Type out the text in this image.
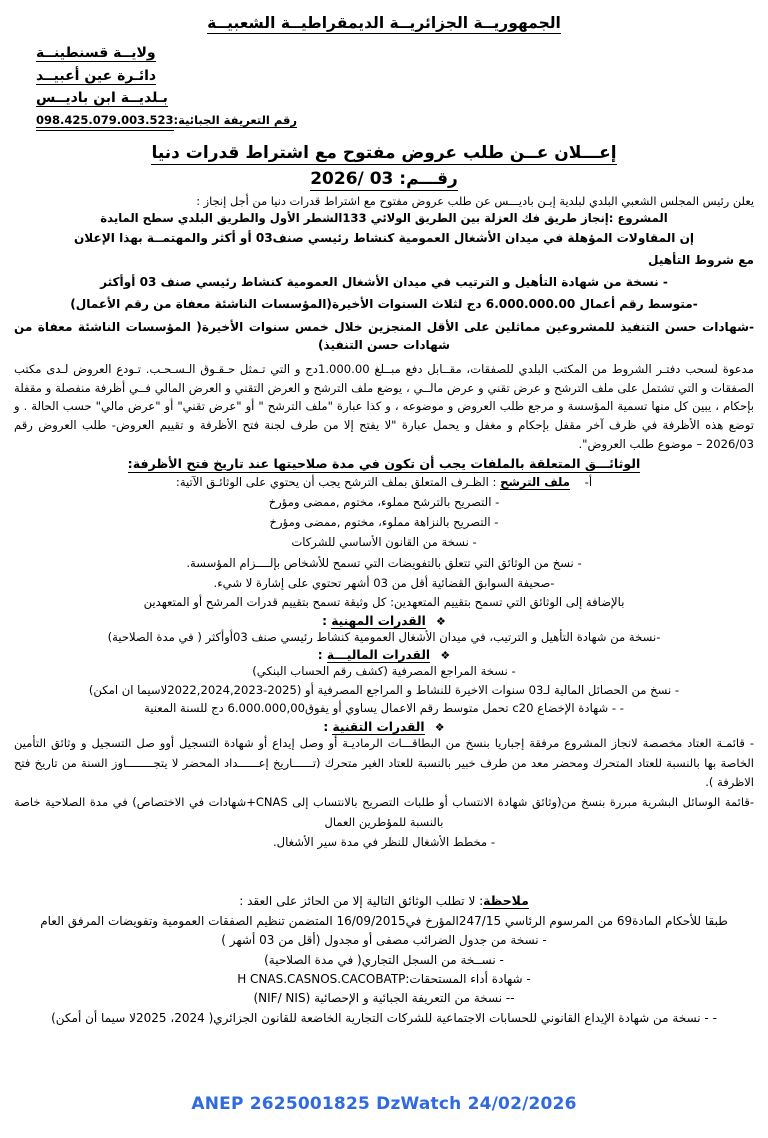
الجمهوريــة الجزائريــة الديمقراطيــة الشعبيــة
ولايــة قسنطينــة
دائـرة عين أعبيــد
بـلديــة ابن باديــس
رقم التعريفة الجبائية:098.425.079.003.523
إعـــلان عــن طلب عروض مفتوح مع اشتراط قدرات دنيا
رقـــم: 03 /2026
يعلن رئيس المجلس الشعبي البلدي لبلدية إبـن باديـــس عن طلب عروض مفتوح مع اشتراط قدرات دنيا من أجل إنجاز :
المشروع :إنجاز طريق فك العزلة بين الطريق الولائي 133الشطر الأول والطريق البلدي سطح المايدة
إن المقاولات المؤهلة في ميدان الأشغال العمومية كنشاط رئيسي صنف03 أو أكثر والمهتمــة بهذا الإعلان
مع شروط التأهيل
- نسخة من شهادة التأهيل و الترتيب في ميدان الأشغال العمومية كنشاط رئيسي صنف 03 أوأكثر
-متوسط رقم أعمال 6.000.000.00 دج لثلاث السنوات الأخيرة(المؤسسات الناشئة معفاة من رقم الأعمال)
-شهادات حسن التنفيذ للمشروعين مماثلين على الأقل المنجزين خلال خمس سنوات الأخيرة( المؤسسات الناشئة معفاة من شهادات حسن التنفيذ)
مدعوة لسحب دفتـر الشروط من المكتب البلدي للصفقات، مقــابل دفع مبــلغ 1.000.00دج و التي تـمثل حـقـوق الـسـحـب. تـودع العروض لـدى مكتب الصفقات و التي تشتمل على ملف الترشح و عرض تقني و عرض مالــي ، يوضع ملف الترشح و العرض التقني و العرض المالي فــي أظرفة منفصلة و مقفلة بإحكام ، يبين كل منها تسمية المؤسسة و مرجع طلب العروض و موضوعه ، و كذا عبارة "ملف الترشح " أو "عرض تقني" أو "عرض مالي" حسب الحالة . و توضع هذه الأظرفة في ظرف آخر مقفل بإحكام و مغفل و يحمل عبارة "لا يفتح إلا من طرف لجنة فتح الأظرفة و تقييم العروض- طلب العروض رقم 2026/03 – موضوع طلب العروض".
الوثائـــق المتعلقة بالملفات يجب أن تكون في مدة صلاحيتها عند تاريخ فتح الأظرفة:
أ-    ملف الترشح : الظـرف المتعلق بملف الترشح يجب أن يحتوي على الوثائـق الآتية:
- التصريح بالترشح مملوء، مختوم ,ممضى ومؤرخ
- التصريح بالنزاهة مملوء، مختوم ,ممضى ومؤرخ
- نسخة من القانون الأساسي للشركات
- نسخ من الوثائق التي تتعلق بالتفويضات التي تسمح للأشخاص بإلــــزام المؤسسة.
-صحيفة السوابق القضائية أقل من 03 أشهر تحتوي على إشارة لا شيء.
بالإضافة إلى الوثائق التي تسمح بتقييم المتعهدين: كل وثيقة تسمح بتقييم قدرات المرشح أو المتعهدين
❖ القدرات المهنية :
-نسخة من شهادة التأهيل و الترتيب، في ميدان الأشغال العمومية كنشاط رئيسي صنف 03أوأكثر ( في مدة الصلاحية)
❖ القدرات الماليـــة :
- نسخة المراجع المصرفية (كشف رقم الحساب البنكي)
- نسخ من الحصائل المالية لـ03 سنوات الاخيرة للنشاط و المراجع المصرفية أو (2025-2022,2024,2023لاسيما ان امكن)
- - شهادة الإخضاع c20 تحمل متوسط رقم الاعمال يساوي أو يفوق6.000.000,00 دج للسنة المعنية
❖ القدرات التقنية :
- قائمـة العتاد مخصصة لانجاز المشروع مرفقة إجباريا بنسخ من البطاقـــات الرماديـة أو وصل إيداع أو شهادة التسجيل أوو صل التسجيل و وثائق التأمين الخاصة بها بالنسبة للعتاد المتحرك ومحضر معد من طرف خبير بالنسبة للعتاد الغير متحرك (تــــــاريخ إعــــــداد المحضر لا يتجــــــــاوز السنة من تاريخ فتح الاظرفة ).
-قائمة الوسائل البشرية مبررة بنسخ من(وثائق شهادة الانتساب أو طلبات التصريح بالانتساب إلى CNAS+شهادات في الاختصاص) في مدة الصلاحية خاصة بالنسبة للمؤطرين العمال
- مخطط الأشغال للنظر في مدة سير الأشغال.
ملاحظة: لا تطلب الوثائق التالية إلا من الحائز على العقد :
طبقا للأحكام المادة69 من المرسوم الرئاسي 247/15المؤرخ في16/09/2015 المتضمن تنظيم الصفقات العمومية وتفويضات المرفق العام
- نسخة من جدول الضرائب مصفى أو مجدول (أقل من 03 أشهر )
- نســخة من السجل التجاري( في مدة الصلاحية)
- شهادة أداء المستحقات:H CNAS.CASNOS.CACOBATP
-- نسخة من التعريفة الجبائية و الإحصائية (NIF/ NIS)
- - نسخة من شهادة الإيداع القانوني للحسابات الاجتماعية للشركات التجارية الخاضعة للقانون الجزائري( 2024، 2025لا سيما أن أمكن)
ANEP 2625001825 DzWatch 24/02/2026
